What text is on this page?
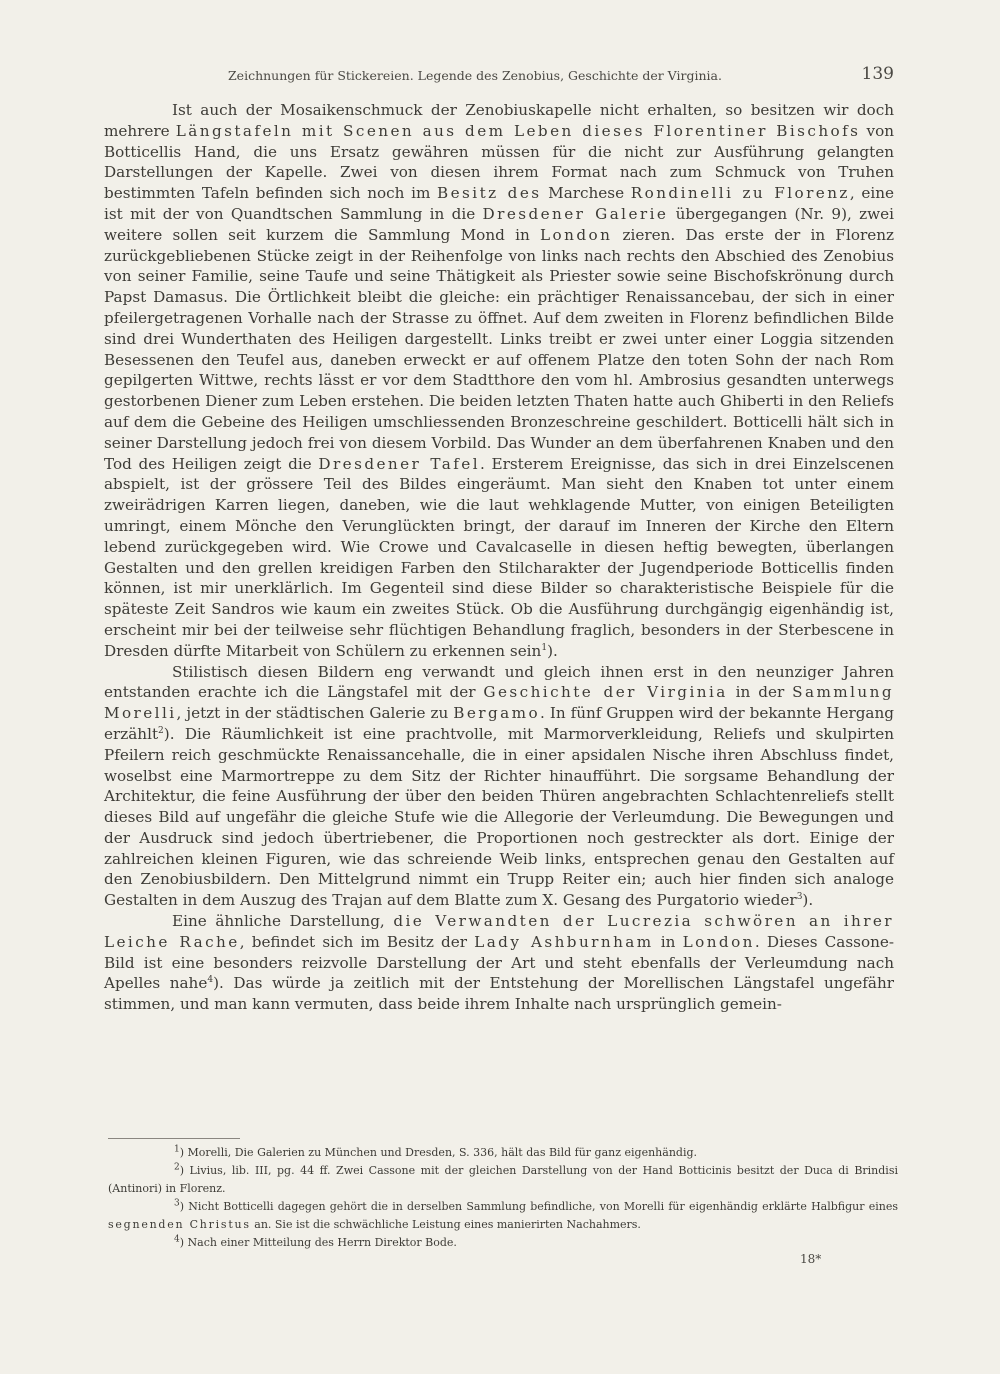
Zeichnungen für Stickereien. Legende des Zenobius, Geschichte der Virginia.	139

Ist auch der Mosaikenschmuck der Zenobiuskapelle nicht erhalten, so besitzen wir doch mehrere Längstafeln mit Scenen aus dem Leben dieses Florentiner Bischofs von Botticellis Hand, die uns Ersatz gewähren müssen für die nicht zur Ausführung gelangten Darstellungen der Kapelle. Zwei von diesen ihrem Format nach zum Schmuck von Truhen bestimmten Tafeln befinden sich noch im Besitz des Marchese Rondinelli zu Florenz, eine ist mit der von Quandtschen Sammlung in die Dresdener Galerie übergegangen (Nr. 9), zwei weitere sollen seit kurzem die Sammlung Mond in London zieren. Das erste der in Florenz zurückgebliebenen Stücke zeigt in der Reihenfolge von links nach rechts den Abschied des Zenobius von seiner Familie, seine Taufe und seine Thätigkeit als Priester sowie seine Bischofskrönung durch Papst Damasus. Die Örtlichkeit bleibt die gleiche: ein prächtiger Renaissancebau, der sich in einer pfeilergetragenen Vorhalle nach der Strasse zu öffnet. Auf dem zweiten in Florenz befindlichen Bilde sind drei Wunderthaten des Heiligen dargestellt. Links treibt er zwei unter einer Loggia sitzenden Besessenen den Teufel aus, daneben erweckt er auf offenem Platze den toten Sohn der nach Rom gepilgerten Wittwe, rechts lässt er vor dem Stadtthore den vom hl. Ambrosius gesandten unterwegs gestorbenen Diener zum Leben erstehen. Die beiden letzten Thaten hatte auch Ghiberti in den Reliefs auf dem die Gebeine des Heiligen umschliessenden Bronzeschreine geschildert. Botticelli hält sich in seiner Darstellung jedoch frei von diesem Vorbild. Das Wunder an dem überfahrenen Knaben und den Tod des Heiligen zeigt die Dresdener Tafel. Ersterem Ereignisse, das sich in drei Einzelscenen abspielt, ist der grössere Teil des Bildes eingeräumt. Man sieht den Knaben tot unter einem zweirädrigen Karren liegen, daneben, wie die laut wehklagende Mutter, von einigen Beteiligten umringt, einem Mönche den Verunglückten bringt, der darauf im Inneren der Kirche den Eltern lebend zurückgegeben wird. Wie Crowe und Cavalcaselle in diesen heftig bewegten, überlangen Gestalten und den grellen kreidigen Farben den Stilcharakter der Jugendperiode Botticellis finden können, ist mir unerklärlich. Im Gegenteil sind diese Bilder so charakteristische Beispiele für die späteste Zeit Sandros wie kaum ein zweites Stück. Ob die Ausführung durchgängig eigenhändig ist, erscheint mir bei der teilweise sehr flüchtigen Behandlung fraglich, besonders in der Sterbescene in Dresden dürfte Mitarbeit von Schülern zu erkennen sein$^1$).

Stilistisch diesen Bildern eng verwandt und gleich ihnen erst in den neunziger Jahren entstanden erachte ich die Längstafel mit der Geschichte der Virginia in der Sammlung Morelli, jetzt in der städtischen Galerie zu Bergamo. In fünf Gruppen wird der bekannte Hergang erzählt$^2$). Die Räumlichkeit ist eine prachtvolle, mit Marmorverkleidung, Reliefs und skulpirten Pfeilern reich geschmückte Renaissancehalle, die in einer apsidalen Nische ihren Abschluss findet, woselbst eine Marmortreppe zu dem Sitz der Richter hinaufführt. Die sorgsame Behandlung der Architektur, die feine Ausführung der über den beiden Thüren angebrachten Schlachtenreliefs stellt dieses Bild auf ungefähr die gleiche Stufe wie die Allegorie der Verleumdung. Die Bewegungen und der Ausdruck sind jedoch übertriebener, die Proportionen noch gestreckter als dort. Einige der zahlreichen kleinen Figuren, wie das schreiende Weib links, entsprechen genau den Gestalten auf den Zenobiusbildern. Den Mittelgrund nimmt ein Trupp Reiter ein; auch hier finden sich analoge Gestalten in dem Auszug des Trajan auf dem Blatte zum X. Gesang des Purgatorio wieder$^3$).

Eine ähnliche Darstellung, die Verwandten der Lucrezia schwören an ihrer Leiche Rache, befindet sich im Besitz der Lady Ashburnham in London. Dieses Cassone-Bild ist eine besonders reizvolle Darstellung der Art und steht ebenfalls der Verleumdung nach Apelles nahe$^4$). Das würde ja zeitlich mit der Entstehung der Morellischen Längstafel ungefähr stimmen, und man kann vermuten, dass beide ihrem Inhalte nach ursprünglich gemein-

$^1$) Morelli, Die Galerien zu München und Dresden, S. 336, hält das Bild für ganz eigenhändig.

$^2$) Livius, lib. III, pg. 44 ff. Zwei Cassone mit der gleichen Darstellung von der Hand Botticinis besitzt der Duca di Brindisi (Antinori) in Florenz.

$^3$) Nicht Botticelli dagegen gehört die in derselben Sammlung befindliche, von Morelli für eigenhändig erklärte Halbfigur eines segnenden Christus an. Sie ist die schwächliche Leistung eines manierirten Nachahmers.

$^4$) Nach einer Mitteilung des Herrn Direktor Bode.

18*
